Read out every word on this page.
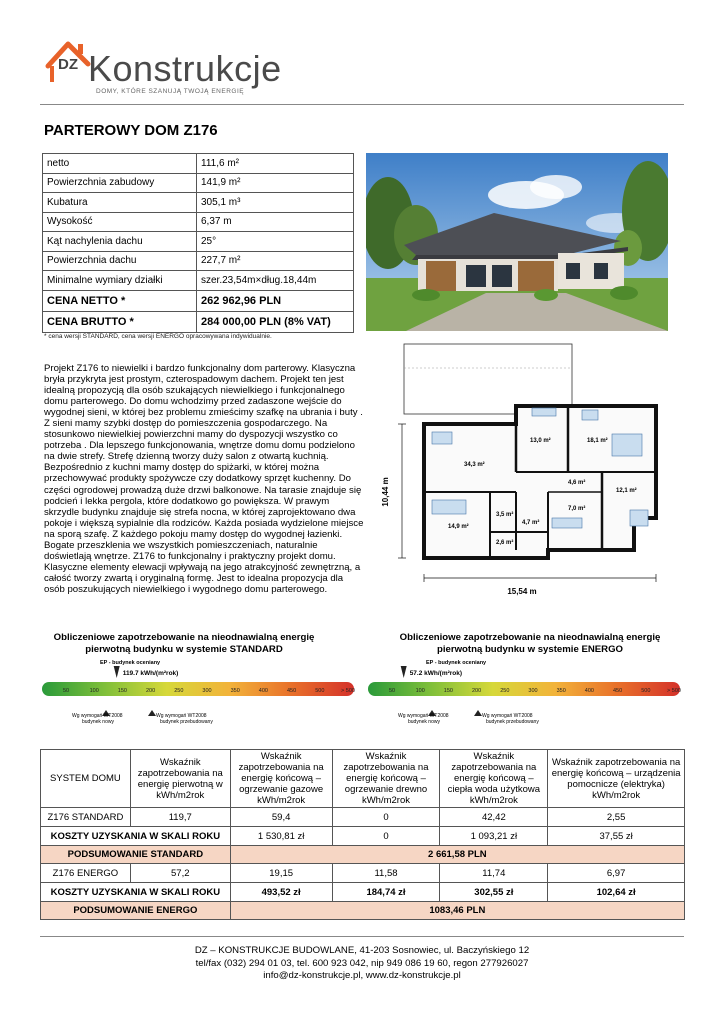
DZ Konstrukcje
DOMY, KTÓRE SZANUJĄ TWOJĄ ENERGIĘ
PARTEROWY DOM Z176
netto	111,6 m²
Powierzchnia zabudowy	141,9 m²
Kubatura	305,1 m³
Wysokość	6,37 m
Kąt nachylenia dachu	25°
Powierzchnia dachu	227,7 m²
Minimalne wymiary działki	szer.23,54m×dług.18,44m
CENA NETTO *	262 962,96 PLN
CENA BRUTTO *	284 000,00 PLN (8% VAT)
* cena wersji STANDARD, cena wersji ENERGO opracowywana indywidualnie.
Projekt Z176 to niewielki i bardzo funkcjonalny dom parterowy. Klasyczna bryła przykryta jest prostym, czterospadowym dachem. Projekt ten jest idealną propozycją dla osób szukających niewielkiego i funkcjonalnego domu parterowego. Do domu wchodzimy przed zadaszone wejście do wygodnej sieni, w której bez problemu zmieścimy szafkę na ubrania i buty . Z sieni mamy szybki dostęp do pomieszczenia gospodarczego. Na stosunkowo niewielkiej powierzchni mamy do dyspozycji wszystko co potrzeba . Dla lepszego funkcjonowania, wnętrze domu domu podzielono na dwie strefy. Strefę dzienną tworzy duży salon z otwartą kuchnią. Bezpośrednio z kuchni mamy dostęp do spiżarki, w której można przechowywać produkty spożywcze czy dodatkowy sprzęt kuchenny. Do części ogrodowej prowadzą duże drzwi balkonowe. Na tarasie znajduje się podcień i lekka pergola, które dodatkowo go powiększa. W prawym skrzydle budynku znajduje się strefa nocna, w której zaprojektowano dwa pokoje i większą sypialnie dla rodziców. Każda posiada wydzielone miejsce na sporą szafę. Z każdego pokoju mamy dostęp do wygodnej łazienki. Bogate przeszklenia we wszystkich pomieszczeniach, naturalnie doświetlają wnętrze. Z176 to funkcjonalny i praktyczny projekt domu. Klasyczne elementy elewacji wpływają na jego atrakcyjność zewnętrzną, a całość tworzy zwartą i oryginalną formę. Jest to idealna propozycja dla osób poszukujących niewielkiego i wygodnego domu parterowego.
34,3 m²
13,0 m²	18,1 m²
4,6 m²
12,1 m²
14,9 m²
3,5 m²
4,7 m²
7,0 m²
2,6 m²
15,54 m
10,44 m
Obliczeniowe zapotrzebowanie na nieodnawialną energię
pierwotną budynku w systemie STANDARD
Obliczeniowe zapotrzebowanie na nieodnawialną energię
pierwotną budynku w systemie ENERGO
EP - budynek oceniany
119.7 kWh/(m²rok)
50	100	150	200	250	300	350	400	450	500	> 500
Wg wymogań WT2008
budynek nowy
Wg wymogań WT2008
budynek przebudowany
EP - budynek oceniany
57.2 kWh/(m²rok)
50	100	150	200	250	300	350	400	450	500	> 500
Wg wymogań WT2008
budynek nowy
Wg wymogań WT2008
budynek przebudowany
SYSTEM DOMU	Wskaźnik zapotrzebowania na energię pierwotną w kWh/m2rok	Wskaźnik zapotrzebowania na energię końcową – ogrzewanie gazowe kWh/m2rok	Wskaźnik zapotrzebowania na energię końcową – ogrzewanie drewno kWh/m2rok	Wskaźnik zapotrzebowania na energię końcową – ciepła woda użytkowa kWh/m2rok	Wskaźnik zapotrzebowania na energię końcową – urządzenia pomocnicze (elektryka) kWh/m2rok
Z176 STANDARD	119,7	59,4	0	42,42	2,55
KOSZTY UZYSKANIA W SKALI ROKU		1 530,81 zł	0	1 093,21 zł	37,55 zł
PODSUMOWANIE STANDARD		2 661,58 PLN			
Z176 ENERGO	57,2	19,15	11,58	11,74	6,97
KOSZTY UZYSKANIA W SKALI ROKU		493,52 zł	184,74 zł	302,55 zł	102,64 zł
PODSUMOWANIE ENERGO		1083,46 PLN			
DZ – KONSTRUKCJE BUDOWLANE, 41-203 Sosnowiec, ul. Baczyńskiego 12
tel/fax (032) 294 01 03, tel. 600 923 042, nip 949 086 19 60, regon 277926027
info@dz-konstrukcje.pl, www.dz-konstrukcje.pl
